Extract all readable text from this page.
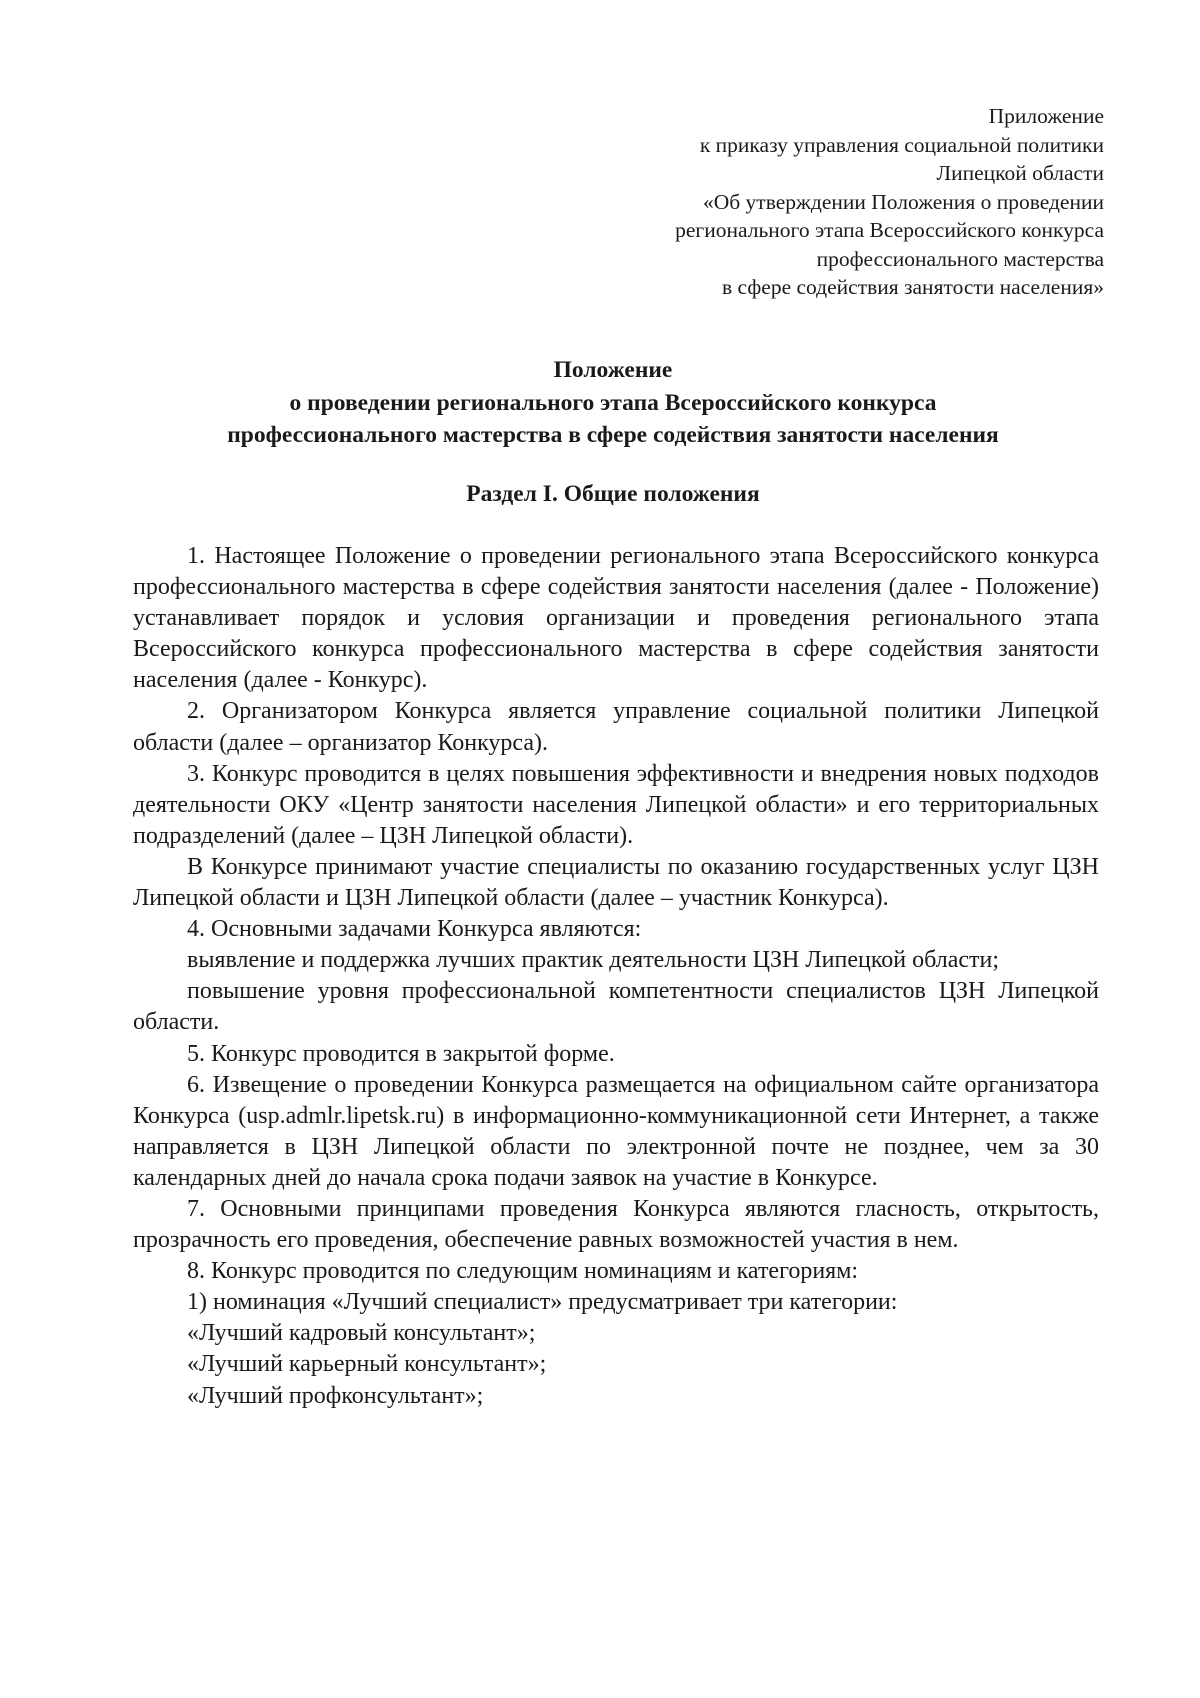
Приложение
к приказу управления социальной политики
Липецкой области
«Об утверждении Положения о проведении
регионального этапа Всероссийского конкурса
профессионального мастерства
в сфере содействия занятости населения»
Положение
о проведении регионального этапа Всероссийского конкурса
профессионального мастерства в сфере содействия занятости населения
Раздел I. Общие положения

1. Настоящее Положение о проведении регионального этапа Всероссийского конкурса профессионального мастерства в сфере содействия занятости населения (далее - Положение) устанавливает порядок и условия организации и проведения регионального этапа Всероссийского конкурса профессионального мастерства в сфере содействия занятости населения (далее - Конкурс).

2. Организатором Конкурса является управление социальной политики Липецкой области (далее – организатор Конкурса).

3. Конкурс проводится в целях повышения эффективности и внедрения новых подходов деятельности ОКУ «Центр занятости населения Липецкой области» и его территориальных подразделений (далее – ЦЗН Липецкой области).

В Конкурсе принимают участие специалисты по оказанию государственных услуг ЦЗН Липецкой области и ЦЗН Липецкой области (далее – участник Конкурса).

4. Основными задачами Конкурса являются:

выявление и поддержка лучших практик деятельности ЦЗН Липецкой области;

повышение уровня профессиональной компетентности специалистов ЦЗН Липецкой области.

5. Конкурс проводится в закрытой форме.

6. Извещение о проведении Конкурса размещается на официальном сайте организатора Конкурса (usp.admlr.lipetsk.ru) в информационно-коммуникационной сети Интернет, а также направляется в ЦЗН Липецкой области по электронной почте не позднее, чем за 30 календарных дней до начала срока подачи заявок на участие в Конкурсе.

7. Основными принципами проведения Конкурса являются гласность, открытость, прозрачность его проведения, обеспечение равных возможностей участия в нем.

8. Конкурс проводится по следующим номинациям и категориям:

1) номинация «Лучший специалист» предусматривает три категории:

«Лучший кадровый консультант»;

«Лучший карьерный консультант»;

«Лучший профконсультант»;
